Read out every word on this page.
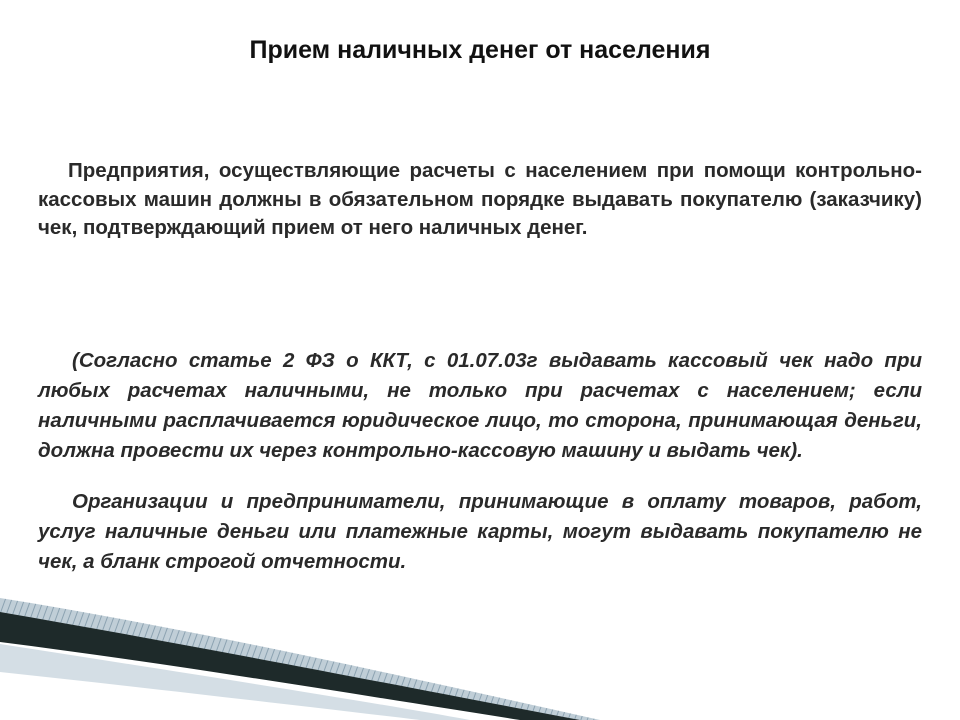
Прием наличных денег от населения

Предприятия, осуществляющие расчеты с населением при помощи контрольно-кассовых машин должны в обязательном порядке выдавать покупателю (заказчику) чек, подтверждающий прием от него наличных денег.

(Согласно статье 2 ФЗ о ККТ, с 01.07.03г выдавать кассовый чек надо при любых расчетах наличными, не только при расчетах с населением; если наличными расплачивается юридическое лицо, то сторона, принимающая деньги, должна провести их через контрольно-кассовую машину и выдать чек).

Организации и предприниматели, принимающие в оплату товаров, работ, услуг наличные деньги или платежные карты, могут выдавать покупателю не чек, а бланк строгой отчетности.
